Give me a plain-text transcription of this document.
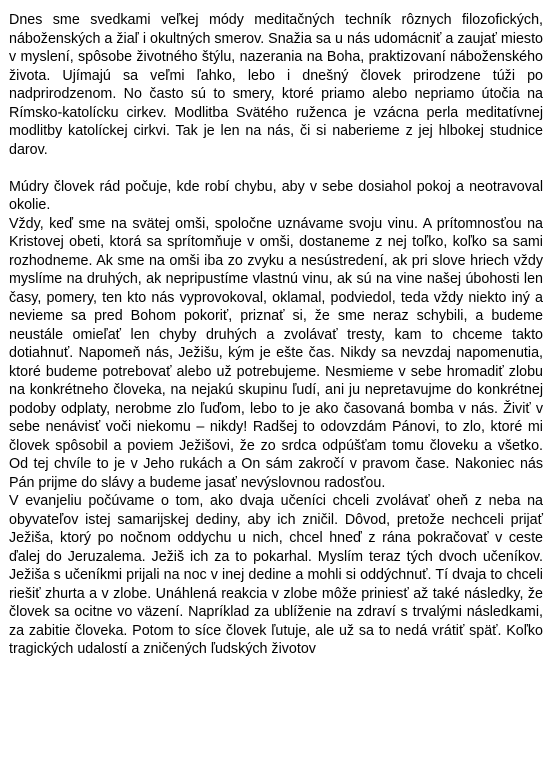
Dnes sme svedkami veľkej módy meditačných techník rôznych filozofických, náboženských a žiaľ i okultných smerov. Snažia sa u nás udomácniť a zaujať miesto v myslení, spôsobe životného štýlu, nazerania na Boha, praktizovaní náboženského života. Ujímajú sa veľmi ľahko, lebo i dnešný človek prirodzene túži po nadprirodzenom. No často sú to smery, ktoré priamo alebo nepriamo útočia na Rímsko-katolícku cirkev. Modlitba Svätého ruženca je vzácna perla meditatívnej modlitby katolíckej cirkvi. Tak je len na nás, či si naberieme z jej hlbokej studnice darov.

Múdry človek rád počuje, kde robí chybu, aby v sebe dosiahol pokoj a neotravoval okolie.

Vždy, keď sme na svätej omši, spoločne uznávame svoju vinu. A prítomnosťou na Kristovej obeti, ktorá sa sprítomňuje v omši, dostaneme z nej toľko, koľko sa sami rozhodneme. Ak sme na omši iba zo zvyku a nesústredení, ak pri slove hriech vždy myslíme na druhých, ak nepripustíme vlastnú vinu, ak sú na vine našej úbohosti len časy, pomery, ten kto nás vyprovokoval, oklamal, podviedol, teda vždy niekto iný a nevieme sa pred Bohom pokoriť, priznať si, že sme neraz schybili, a budeme neustále omieľať len chyby druhých a zvolávať tresty, kam to chceme takto dotiahnuť. Napomeň nás, Ježišu, kým je ešte čas. Nikdy sa nevzdaj napomenutia, ktoré budeme potrebovať alebo už potrebujeme. Nesmieme v sebe hromadiť zlobu na konkrétneho človeka, na nejakú skupinu ľudí, ani ju nepretavujme do konkrétnej podoby odplaty, nerobme zlo ľuďom, lebo to je ako časovaná bomba v nás. Živiť v sebe nenávisť voči niekomu – nikdy! Radšej to odovzdám Pánovi, to zlo, ktoré mi človek spôsobil a poviem Ježišovi, že zo srdca odpúšťam tomu človeku a všetko. Od tej chvíle to je v Jeho rukách a On sám zakročí v pravom čase. Nakoniec nás Pán prijme do slávy a budeme jasať nevýslovnou radosťou.

V evanjeliu počúvame o tom, ako dvaja učeníci chceli zvolávať oheň z neba na obyvateľov istej samarijskej dediny, aby ich zničil. Dôvod, pretože nechceli prijať Ježiša, ktorý po nočnom oddychu u nich, chcel hneď z rána pokračovať v ceste ďalej do Jeruzalema. Ježiš ich za to pokarhal. Myslím teraz tých dvoch učeníkov. Ježiša s učeníkmi prijali na noc v inej dedine a mohli si oddýchnuť. Tí dvaja to chceli riešiť zhurta a v zlobe. Unáhlená reakcia v zlobe môže priniesť až také následky, že človek sa ocitne vo väzení. Napríklad za ublíženie na zdraví s trvalými následkami, za zabitie človeka. Potom to síce človek ľutuje, ale už sa to nedá vrátiť späť. Koľko tragických udalostí a zničených ľudských životov
